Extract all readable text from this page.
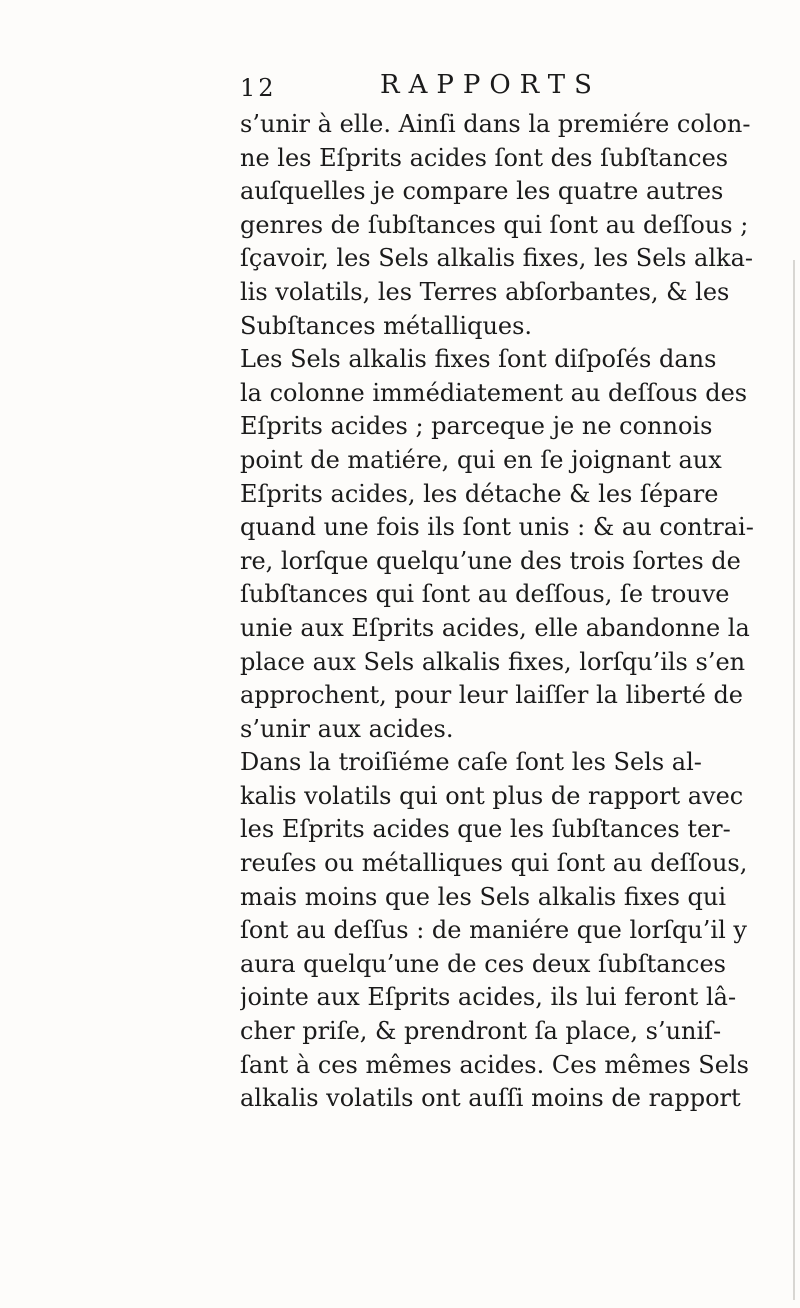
12	RAPPORTS
s’unir à elle. Ainſi dans la premiére colon-
ne les Eſprits acides ſont des ſubſtances
auſquelles je compare les quatre autres
genres de ſubſtances qui ſont au deſſous ;
ſçavoir, les Sels alkalis fixes, les Sels alka-
lis volatils, les Terres abſorbantes, & les
Subſtances métalliques.
Les Sels alkalis fixes ſont diſpoſés dans
la colonne immédiatement au deſſous des
Eſprits acides ; parceque je ne connois
point de matiére, qui en ſe joignant aux
Eſprits acides, les détache & les ſépare
quand une fois ils ſont unis : & au contrai-
re, lorſque quelqu’une des trois ſortes de
ſubſtances qui ſont au deſſous, ſe trouve
unie aux Eſprits acides, elle abandonne la
place aux Sels alkalis fixes, lorſqu’ils s’en
approchent, pour leur laiſſer la liberté de
s’unir aux acides.
Dans la troiſiéme caſe ſont les Sels al-
kalis volatils qui ont plus de rapport avec
les Eſprits acides que les ſubſtances ter-
reuſes ou métalliques qui ſont au deſſous,
mais moins que les Sels alkalis fixes qui
ſont au deſſus : de maniére que lorſqu’il y
aura quelqu’une de ces deux ſubſtances
jointe aux Eſprits acides, ils lui feront lâ-
cher priſe, & prendront ſa place, s’uniſ-
ſant à ces mêmes acides. Ces mêmes Sels
alkalis volatils ont auſſi moins de rapport
